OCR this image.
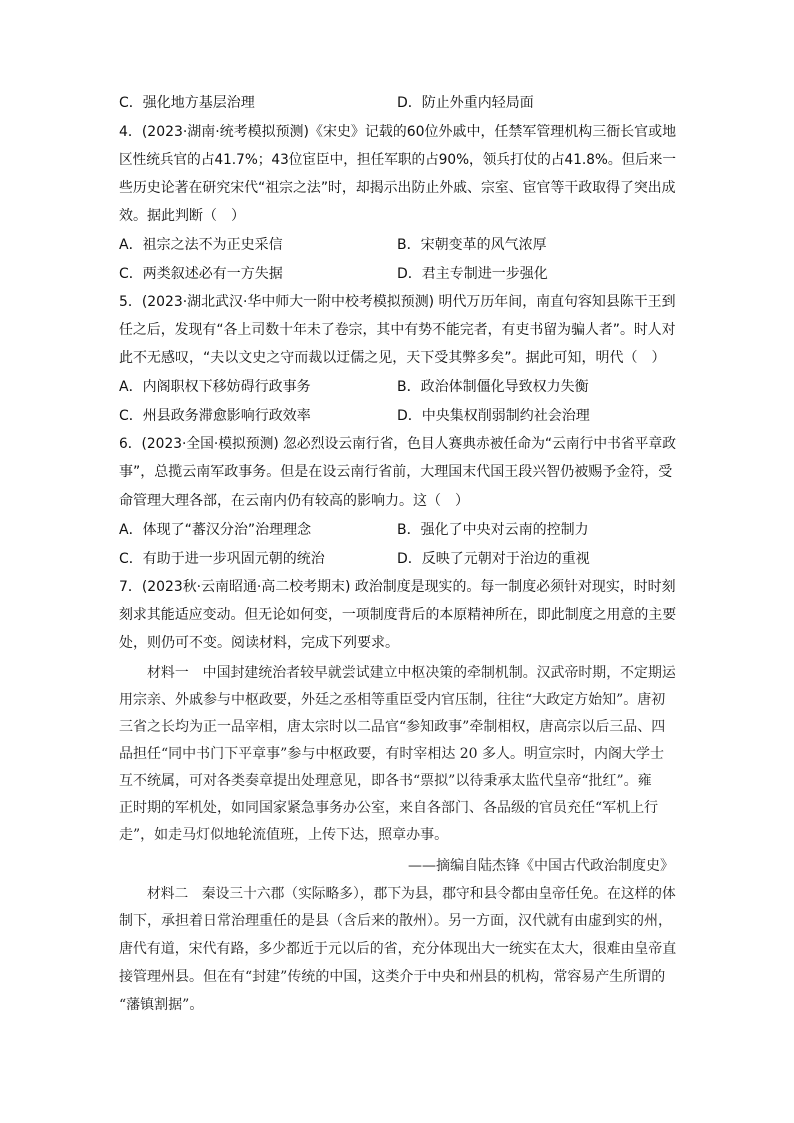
C．强化地方基层治理	D．防止外重内轻局面
4．(2023·湖南·统考模拟预测)《宋史》记载的60位外戚中，任禁军管理机构三衙长官或地
区性统兵官的占41.7%；43位宦臣中，担任军职的占90%，领兵打仗的占41.8%。但后来一
些历史论著在研究宋代“祖宗之法”时，却揭示出防止外戚、宗室、宦官等干政取得了突出成
效。据此判断（　）
A．祖宗之法不为正史采信	B．宋朝变革的风气浓厚
C．两类叙述必有一方失据	D．君主专制进一步强化
5．(2023·湖北武汉·华中师大一附中校考模拟预测) 明代万历年间，南直句容知县陈干王到
任之后，发现有“各上司数十年未了卷宗，其中有势不能完者，有吏书留为骗人者”。时人对
此不无感叹，“夫以文史之守而裁以迂儒之见，天下受其弊多矣”。据此可知，明代（　）
A．内阁职权下移妨碍行政事务	B．政治体制僵化导致权力失衡
C．州县政务滞愈影响行政效率	D．中央集权削弱制约社会治理
6．(2023·全国·模拟预测) 忽必烈设云南行省，色目人赛典赤被任命为“云南行中书省平章政
事”，总揽云南军政事务。但是在设云南行省前，大理国末代国王段兴智仍被赐予金符，受
命管理大理各部，在云南内仍有较高的影响力。这（　）
A．体现了“蕃汉分治”治理理念	B．强化了中央对云南的控制力
C．有助于进一步巩固元朝的统治	D．反映了元朝对于治边的重视
7．(2023秋·云南昭通·高二校考期末) 政治制度是现实的。每一制度必须针对现实，时时刻
刻求其能适应变动。但无论如何变，一项制度背后的本原精神所在，即此制度之用意的主要
处，则仍可不变。阅读材料，完成下列要求。
材料一　中国封建统治者较早就尝试建立中枢决策的牵制机制。汉武帝时期，不定期运
用宗亲、外戚参与中枢政要，外廷之丞相等重臣受内官压制，往往“大政定方始知”。唐初
三省之长均为正一品宰相，唐太宗时以二品官“参知政事”牵制相权，唐高宗以后三品、四
品担任“同中书门下平章事”参与中枢政要，有时宰相达 20 多人。明宣宗时，内阁大学士
互不统属，可对各类奏章提出处理意见，即各书“票拟”以待秉承太监代皇帝“批红”。雍
正时期的军机处，如同国家紧急事务办公室，来自各部门、各品级的官员充任“军机上行
走”，如走马灯似地轮流值班，上传下达，照章办事。
——摘编自陆杰锋《中国古代政治制度史》
材料二　秦设三十六郡（实际略多），郡下为县，郡守和县令都由皇帝任免。在这样的体
制下，承担着日常治理重任的是县（含后来的散州）。另一方面，汉代就有由虚到实的州，
唐代有道，宋代有路，多少都近于元以后的省，充分体现出大一统实在太大，很难由皇帝直
接管理州县。但在有“封建”传统的中国，这类介于中央和州县的机构，常容易产生所谓的
“藩镇割据”。
